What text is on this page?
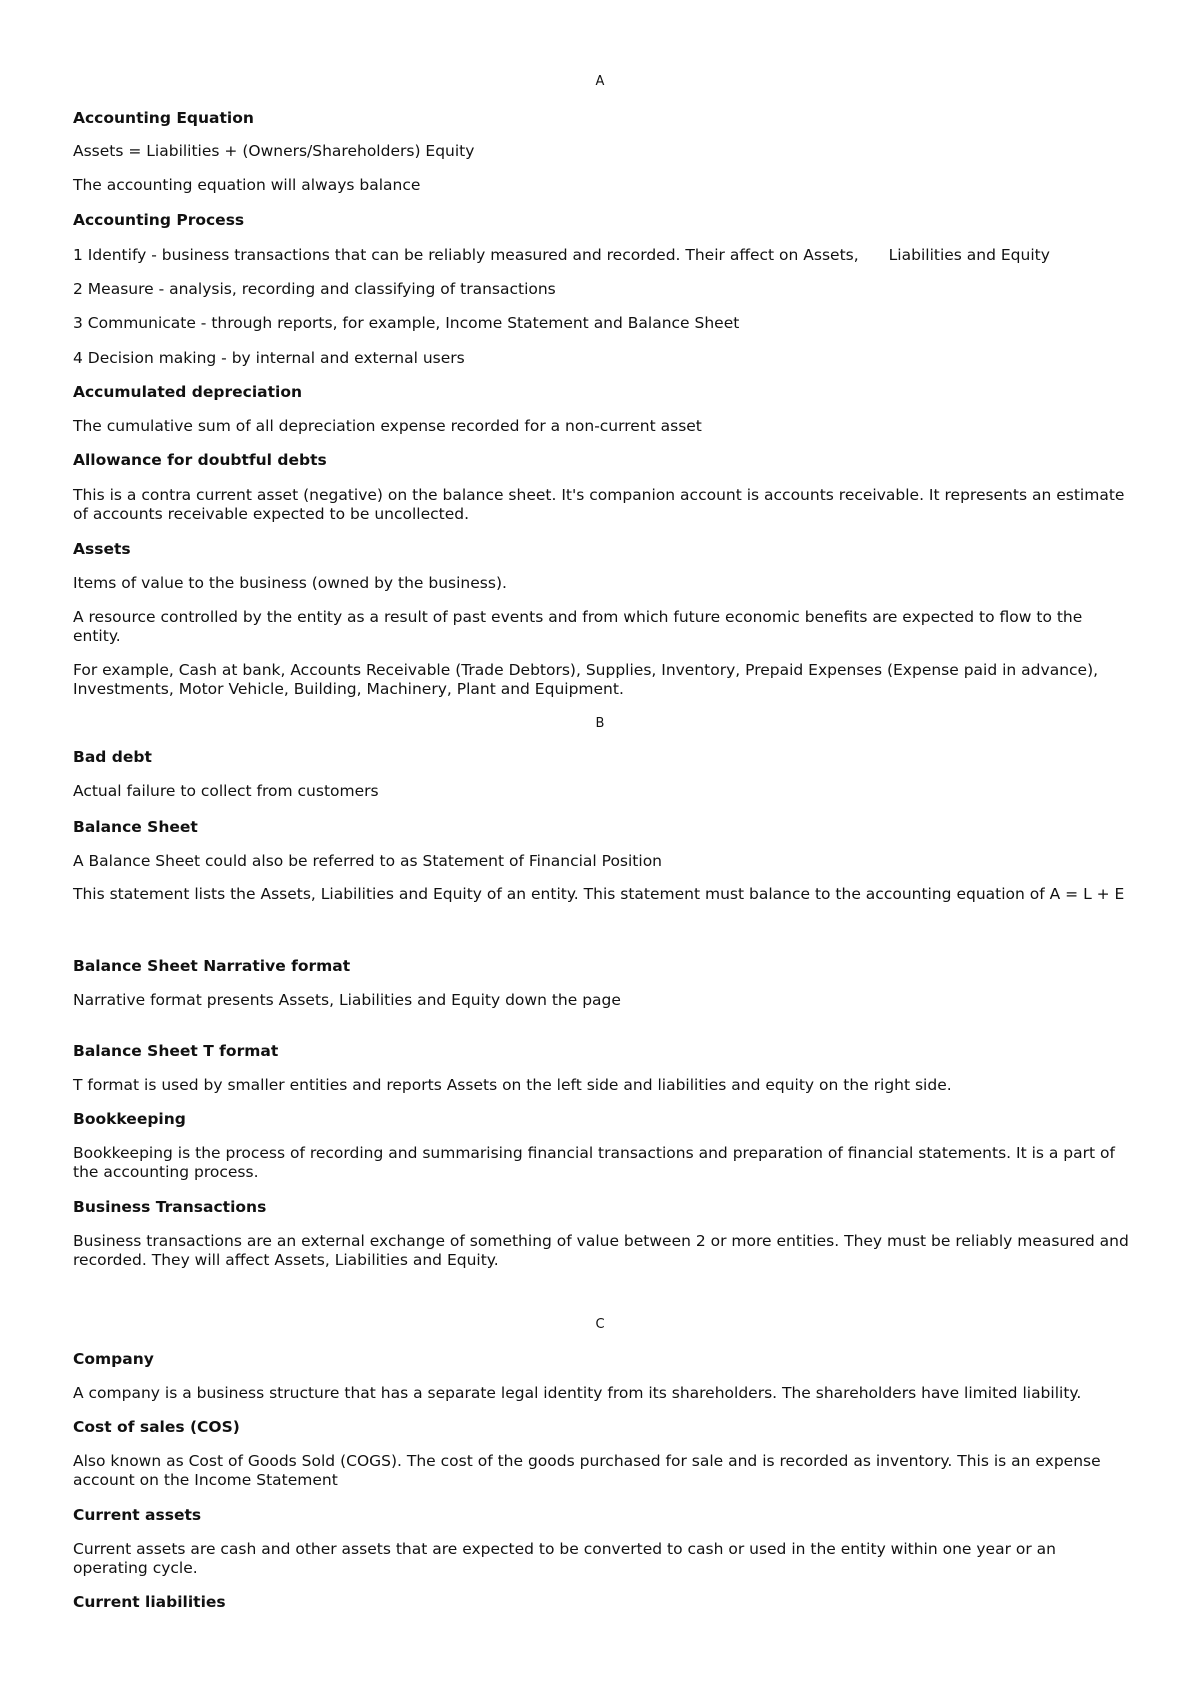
A
Accounting Equation
Assets = Liabilities + (Owners/Shareholders) Equity
The accounting equation will always balance
Accounting Process
1 Identify - business transactions that can be reliably measured and recorded. Their affect on Assets, Liabilities and Equity
2 Measure - analysis, recording and classifying of transactions
3 Communicate - through reports, for example, Income Statement and Balance Sheet
4 Decision making - by internal and external users
Accumulated depreciation
The cumulative sum of all depreciation expense recorded for a non-current asset
Allowance for doubtful debts
This is a contra current asset (negative) on the balance sheet. It's companion account is accounts receivable. It represents an estimate of accounts receivable expected to be uncollected.
Assets
Items of value to the business (owned by the business).
A resource controlled by the entity as a result of past events and from which future economic benefits are expected to flow to the entity.
For example, Cash at bank, Accounts Receivable (Trade Debtors), Supplies, Inventory, Prepaid Expenses (Expense paid in advance), Investments, Motor Vehicle, Building, Machinery, Plant and Equipment.
B
Bad debt
Actual failure to collect from customers
Balance Sheet
A Balance Sheet could also be referred to as Statement of Financial Position
This statement lists the Assets, Liabilities and Equity of an entity. This statement must balance to the accounting equation of A = L + E
Balance Sheet Narrative format
Narrative format presents Assets, Liabilities and Equity down the page
Balance Sheet T format
T format is used by smaller entities and reports Assets on the left side and liabilities and equity on the right side.
Bookkeeping
Bookkeeping is the process of recording and summarising financial transactions and preparation of financial statements. It is a part of the accounting process.
Business Transactions
Business transactions are an external exchange of something of value between 2 or more entities. They must be reliably measured and recorded. They will affect Assets, Liabilities and Equity.
C
Company
A company is a business structure that has a separate legal identity from its shareholders. The shareholders have limited liability.
Cost of sales (COS)
Also known as Cost of Goods Sold (COGS). The cost of the goods purchased for sale and is recorded as inventory. This is an expense account on the Income Statement
Current assets
Current assets are cash and other assets that are expected to be converted to cash or used in the entity within one year or an operating cycle.
Current liabilities
